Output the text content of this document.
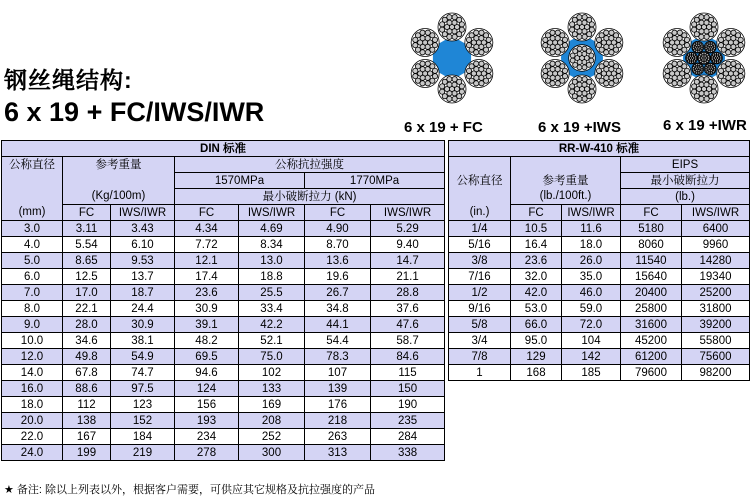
钢丝绳结构:
6 x 19 + FC/IWS/IWR
6 x 19 + FC	6 x 19 +IWS	6 x 19 +IWR
DIN 标准						
公称直径	参考重量		公称抗拉强度			
			1570MPa		1770MPa	
	(Kg/100m)		最小破断拉力 (kN)			
(mm)	FC	IWS/IWR	FC	IWS/IWR	FC	IWS/IWR
3.0	3.11	3.43	4.34	4.69	4.90	5.29
4.0	5.54	6.10	7.72	8.34	8.70	9.40
5.0	8.65	9.53	12.1	13.0	13.6	14.7
6.0	12.5	13.7	17.4	18.8	19.6	21.1
7.0	17.0	18.7	23.6	25.5	26.7	28.8
8.0	22.1	24.4	30.9	33.4	34.8	37.6
9.0	28.0	30.9	39.1	42.2	44.1	47.6
10.0	34.6	38.1	48.2	52.1	54.4	58.7
12.0	49.8	54.9	69.5	75.0	78.3	84.6
14.0	67.8	74.7	94.6	102	107	115
16.0	88.6	97.5	124	133	139	150
18.0	112	123	156	169	176	190
20.0	138	152	193	208	218	235
22.0	167	184	234	252	263	284
24.0	199	219	278	300	313	338
RR-W-410 标准				
			EIPS	
公称直径	参考重量		最小破断拉力	
	(lb./100ft.)		(lb.)	
(in.)	FC	IWS/IWR	FC	IWS/IWR
1/4	10.5	11.6	5180	6400
5/16	16.4	18.0	8060	9960
3/8	23.6	26.0	11540	14280
7/16	32.0	35.0	15640	19340
1/2	42.0	46.0	20400	25200
9/16	53.0	59.0	25800	31800
5/8	66.0	72.0	31600	39200
3/4	95.0	104	45200	55800
7/8	129	142	61200	75600
1	168	185	79600	98200
★ 备注: 除以上列表以外，根据客户需要，可供应其它规格及抗拉强度的产品
